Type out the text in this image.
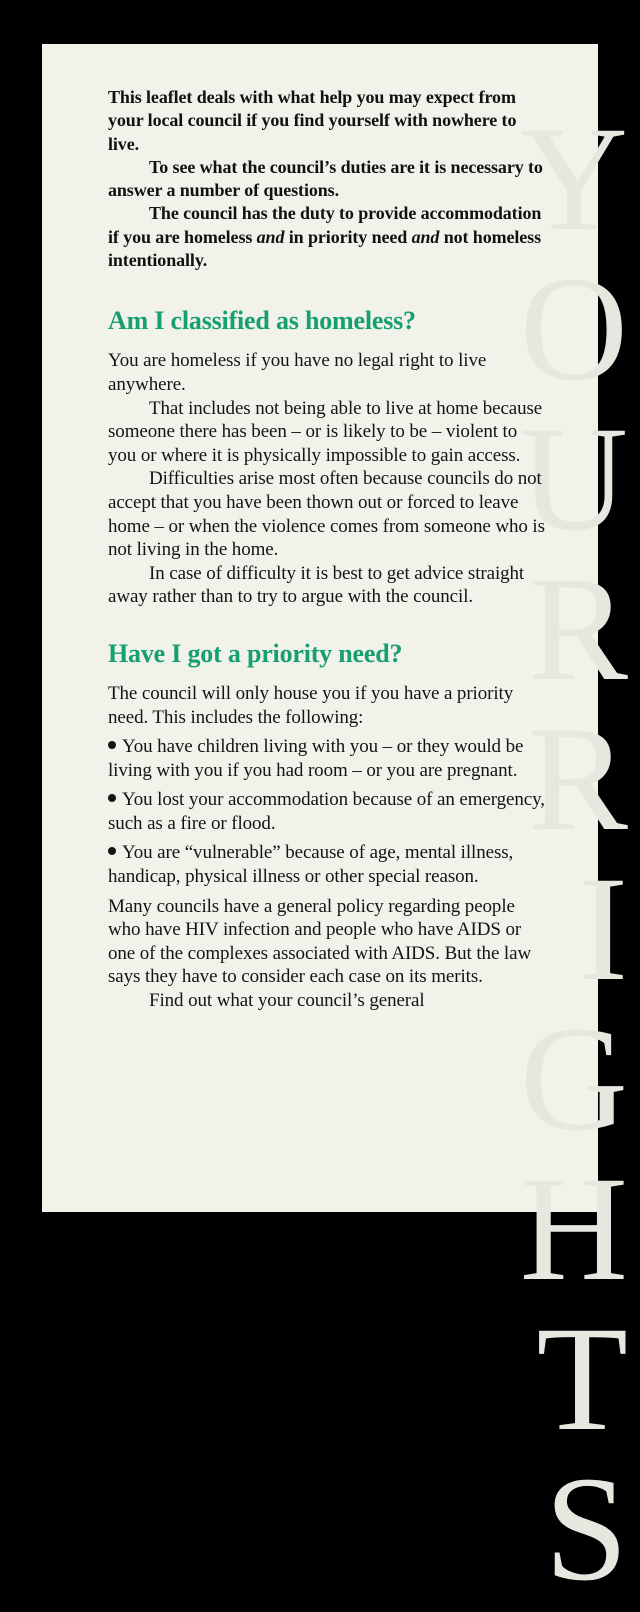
Y
O
U
R
R
I
G
H
T
S

This leaflet deals with what help you may expect from your local council if you find yourself with nowhere to live.

To see what the council’s duties are it is necessary to answer a number of questions.

The council has the duty to provide accommodation if you are homeless and in priority need and not homeless intentionally.

Am I classified as homeless?

You are homeless if you have no legal right to live anywhere.

That includes not being able to live at home because someone there has been – or is likely to be – violent to you or where it is physically impossible to gain access.

Difficulties arise most often because councils do not accept that you have been thown out or forced to leave home – or when the violence comes from someone who is not living in the home.

In case of difficulty it is best to get advice straight away rather than to try to argue with the council.

Have I got a priority need?

The council will only house you if you have a priority need. This includes the following:

You have children living with you – or they would be living with you if you had room – or you are pregnant.

You lost your accommodation because of an emergency, such as a fire or flood.

You are “vulnerable” because of age, mental illness, handicap, physical illness or other special reason.

Many councils have a general policy regarding people who have HIV infection and people who have AIDS or one of the complexes associated with AIDS. But the law says they have to consider each case on its merits.

Find out what your council’s general
